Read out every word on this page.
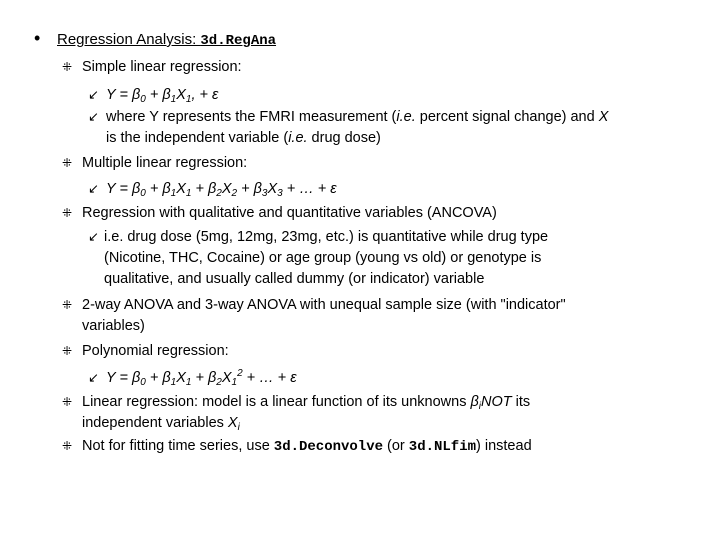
• Regression Analysis: 3d.RegAna
⁜ Simple linear regression:
↙ $Y = \beta_0 + \beta_1X_1$, + ε
↙ where Y represents the FMRI measurement (i.e. percent signal change) and X
is the independent variable (i.e. drug dose)
⁜ Multiple linear regression:
↙ $Y = \beta_0 + \beta_1X_1 + \beta_2X_2 + \beta_3X_3$ + … + ε
⁜ Regression with qualitative and quantitative variables (ANCOVA)
↙ i.e. drug dose (5mg, 12mg, 23mg, etc.) is quantitative while drug type
(Nicotine, THC, Cocaine) or age group (young vs old) or genotype is
qualitative, and usually called dummy (or indicator) variable
⁜ 2-way ANOVA and 3-way ANOVA with unequal sample size (with "indicator"
variables)
⁜ Polynomial regression:
↙ $Y = \beta_0 + \beta_1X_1 + \beta_2X_1^2$ + … + ε
⁜ Linear regression: model is a linear function of its unknowns $\beta_iNOT$ its
independent variables $X_i$
⁜ Not for fitting time series, use 3d.Deconvolve (or 3d.NLfim) instead
